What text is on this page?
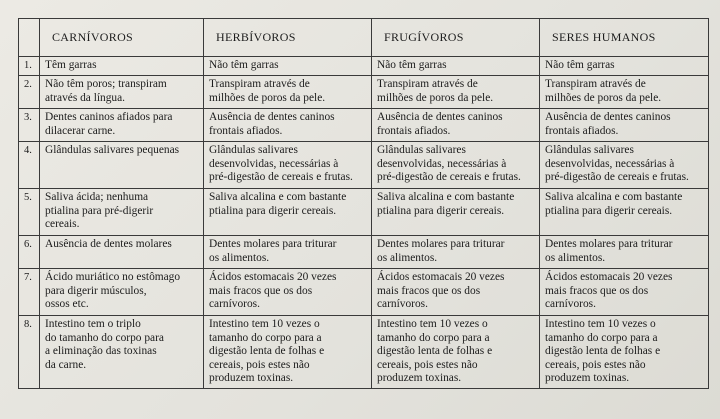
	CARNÍVOROS	HERBÍVOROS	FRUGÍVOROS	SERES HUMANOS
1.	Têm garras	Não têm garras	Não têm garras	Não têm garras

2.	Não têm poros; transpiram
através da língua.	Transpiram através de
milhões de poros da pele.	Transpiram através de
milhões de poros da pele.	Transpiram através de
milhões de poros da pele.

3.	Dentes caninos afiados para
dilacerar carne.	Ausência de dentes caninos
frontais afiados.	Ausência de dentes caninos
frontais afiados.	Ausência de dentes caninos
frontais afiados.

4.	Glândulas salivares pequenas	Glândulas salivares
desenvolvidas, necessárias à
pré-digestão de cereais e frutas.	Glândulas salivares
desenvolvidas, necessárias à
pré-digestão de cereais e frutas.	Glândulas salivares
desenvolvidas, necessárias à
pré-digestão de cereais e frutas.

5.	Saliva ácida; nenhuma
ptialina para pré-digerir
cereais.	Saliva alcalina e com bastante
ptialina para digerir cereais.	Saliva alcalina e com bastante
ptialina para digerir cereais.	Saliva alcalina e com bastante
ptialina para digerir cereais.

6.	Ausência de dentes molares	Dentes molares para triturar
os alimentos.	Dentes molares para triturar
os alimentos.	Dentes molares para triturar
os alimentos.

7.	Ácido muriático no estômago
para digerir músculos,
ossos etc.	Ácidos estomacais 20 vezes
mais fracos que os dos
carnívoros.	Ácidos estomacais 20 vezes
mais fracos que os dos
carnívoros.	Ácidos estomacais 20 vezes
mais fracos que os dos
carnívoros.

8.	Intestino tem o triplo
do tamanho do corpo para
a eliminação das toxinas
da carne.	Intestino tem 10 vezes o
tamanho do corpo para a
digestão lenta de folhas e
cereais, pois estes não
produzem toxinas.	Intestino tem 10 vezes o
tamanho do corpo para a
digestão lenta de folhas e
cereais, pois estes não
produzem toxinas.	Intestino tem 10 vezes o
tamanho do corpo para a
digestão lenta de folhas e
cereais, pois estes não
produzem toxinas.
